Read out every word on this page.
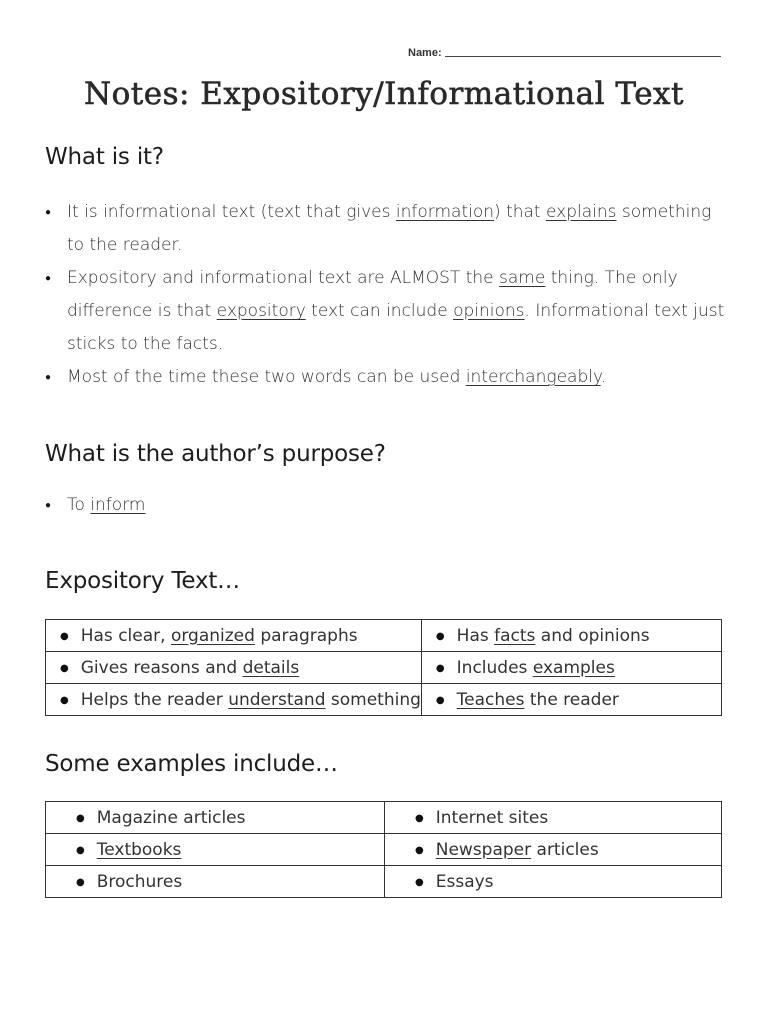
Name:
Notes: Expository/Informational Text
What is it?
● It is informational text (text that gives information) that explains something to the reader.
● Expository and informational text are ALMOST the same thing. The only difference is that expository text can include opinions. Informational text just sticks to the facts.
● Most of the time these two words can be used interchangeably.
What is the author’s purpose?
● To inform
Expository Text…
● Has clear, organized paragraphs	● Has facts and opinions
● Gives reasons and details	● Includes examples
● Helps the reader understand something	● Teaches the reader
Some examples include…
● Magazine articles	● Internet sites
● Textbooks	● Newspaper articles
● Brochures	● Essays
